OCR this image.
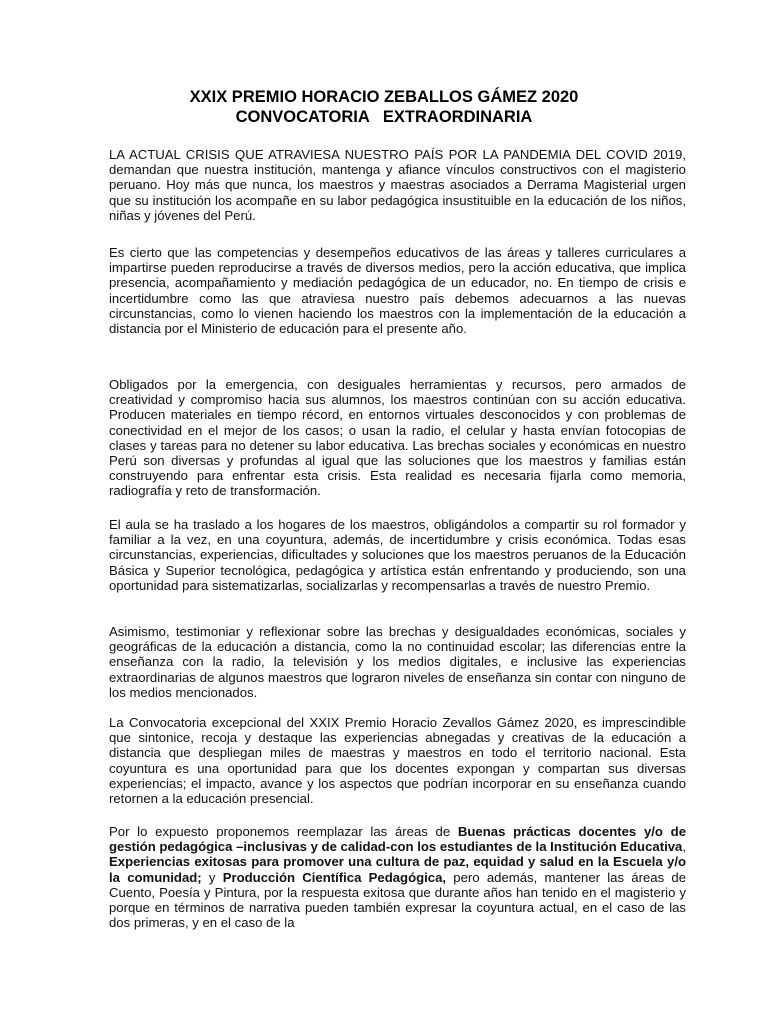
XXIX PREMIO HORACIO ZEBALLOS GÁMEZ 2020
CONVOCATORIA   EXTRAORDINARIA

LA ACTUAL CRISIS QUE ATRAVIESA NUESTRO PAÍS POR LA PANDEMIA DEL COVID 2019, demandan que nuestra institución, mantenga y afiance vínculos constructivos con el magisterio peruano. Hoy más que nunca, los maestros y maestras asociados a Derrama Magisterial urgen que su institución los acompañe en su labor pedagógica insustituible en la educación de los niños, niñas y jóvenes del Perú.

Es cierto que las competencias y desempeños educativos de las áreas y talleres curriculares a impartirse pueden reproducirse a través de diversos medios, pero la acción educativa, que implica presencia, acompañamiento y mediación pedagógica de un educador, no. En tiempo de crisis e incertidumbre como las que atraviesa nuestro país debemos adecuarnos a las nuevas circunstancias, como lo vienen haciendo los maestros con la implementación de la educación a distancia por el Ministerio de educación para el presente año.

Obligados por la emergencia, con desiguales herramientas y recursos, pero armados de creatividad y compromiso hacia sus alumnos, los maestros continúan con su acción educativa. Producen materiales en tiempo récord, en entornos virtuales desconocidos y con problemas de conectividad en el mejor de los casos; o usan la radio, el celular y hasta envían fotocopias de clases y tareas para no detener su labor educativa. Las brechas sociales y económicas en nuestro Perú son diversas y profundas al igual que las soluciones que los maestros y familias están construyendo para enfrentar esta crisis. Esta realidad es necesaria fijarla como memoria, radiografía y reto de transformación.

El aula se ha traslado a los hogares de los maestros, obligándolos a compartir su rol formador y familiar a la vez, en una coyuntura, además, de incertidumbre y crisis económica. Todas esas circunstancias, experiencias, dificultades y soluciones que los maestros peruanos de la Educación Básica y Superior tecnológica, pedagógica y artística están enfrentando y produciendo, son una oportunidad para sistematizarlas, socializarlas y recompensarlas a través de nuestro Premio.

Asimismo, testimoniar y reflexionar sobre las brechas y desigualdades económicas, sociales y geográficas de la educación a distancia, como la no continuidad escolar; las diferencias entre la enseñanza con la radio, la televisión y los medios digitales, e inclusive las experiencias extraordinarias de algunos maestros que lograron niveles de enseñanza sin contar con ninguno de los medios mencionados.

La Convocatoria excepcional del XXIX Premio Horacio Zevallos Gámez 2020, es imprescindible que sintonice, recoja y destaque las experiencias abnegadas y creativas de la educación a distancia que despliegan miles de maestras y maestros en todo el territorio nacional. Esta coyuntura es una oportunidad para que los docentes expongan y compartan sus diversas experiencias; el impacto, avance y los aspectos que podrían incorporar en su enseñanza cuando retornen a la educación presencial.

Por lo expuesto proponemos reemplazar las áreas de Buenas prácticas docentes y/o de gestión pedagógica –inclusivas y de calidad-con los estudiantes de la Institución Educativa, Experiencias exitosas para promover una cultura de paz, equidad y salud en la Escuela y/o la comunidad; y Producción Científica Pedagógica, pero además, mantener las áreas de Cuento, Poesía y Pintura, por la respuesta exitosa que durante años han tenido en el magisterio y porque en términos de narrativa pueden también expresar la coyuntura actual, en el caso de las dos primeras, y en el caso de la
